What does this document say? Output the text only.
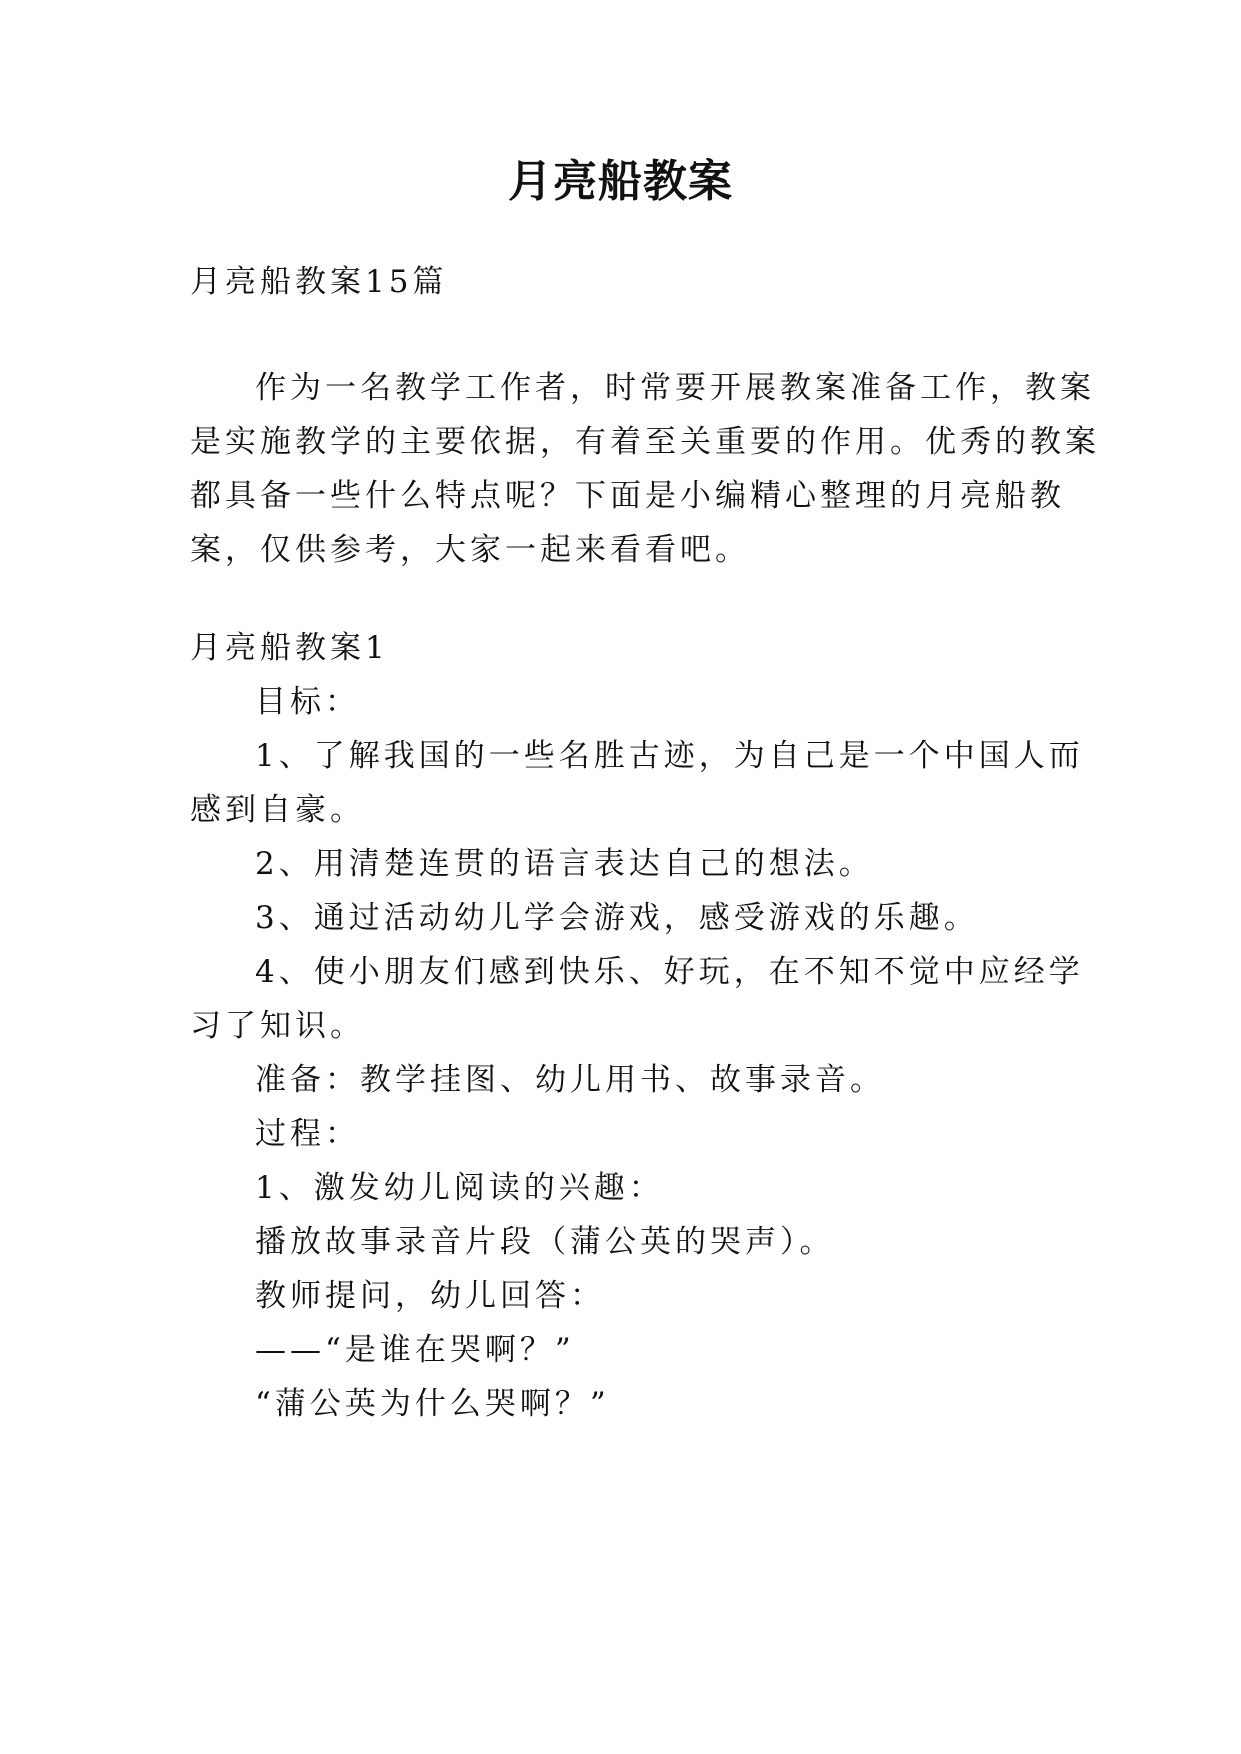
月亮船教案
月亮船教案15篇
作为一名教学工作者，时常要开展教案准备工作，教案
是实施教学的主要依据，有着至关重要的作用。优秀的教案
都具备一些什么特点呢？下面是小编精心整理的月亮船教
案，仅供参考，大家一起来看看吧。
月亮船教案1
目标：
1、了解我国的一些名胜古迹，为自己是一个中国人而
感到自豪。
2、用清楚连贯的语言表达自己的想法。
3、通过活动幼儿学会游戏，感受游戏的乐趣。
4、使小朋友们感到快乐、好玩，在不知不觉中应经学
习了知识。
准备：教学挂图、幼儿用书、故事录音。
过程：
1、激发幼儿阅读的兴趣：
播放故事录音片段（蒲公英的哭声）。
教师提问，幼儿回答：
——“是谁在哭啊？”
“蒲公英为什么哭啊？”
